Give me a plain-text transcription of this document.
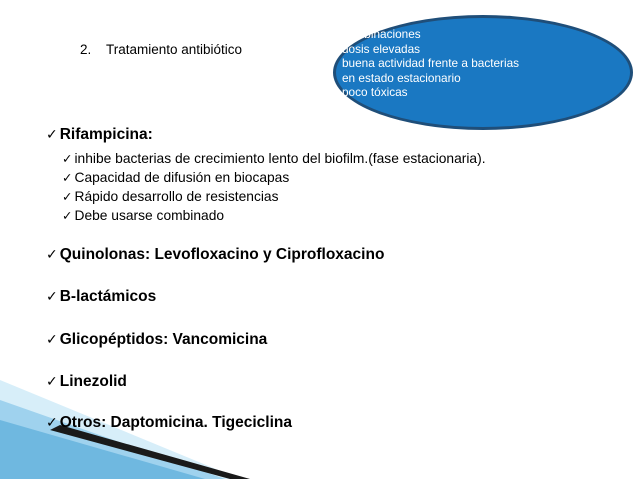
2. Tratamiento antibiótico
combinaciones
dosis elevadas
buena actividad frente a bacterias
en estado estacionario
poco tóxicas
✓ Rifampicina:
✓ inhibe bacterias de crecimiento lento del biofilm.(fase estacionaria).
✓ Capacidad de difusión en biocapas
✓ Rápido desarrollo de resistencias
✓ Debe usarse combinado
✓ Quinolonas: Levofloxacino y Ciprofloxacino
✓ B-lactámicos
✓ Glicopéptidos: Vancomicina
✓ Linezolid
✓ Otros: Daptomicina. Tigeciclina
